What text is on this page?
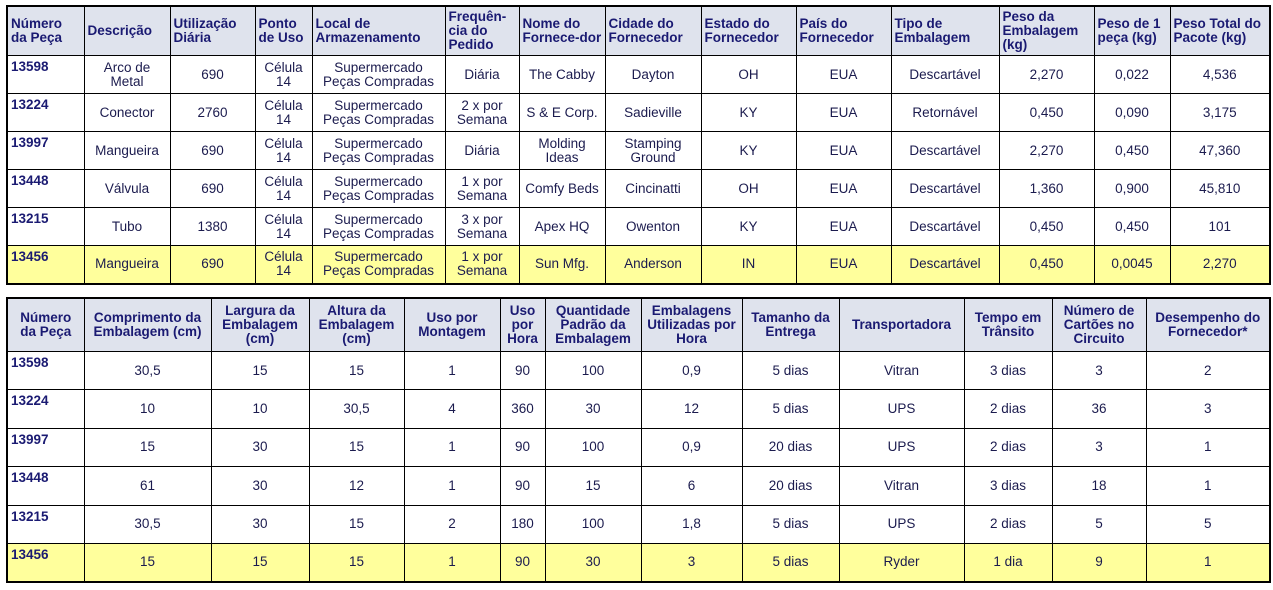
Número da Peça	Descrição	Utilização Diária	Ponto de Uso	Local de Armazenamento	Frequên-cia do Pedido	Nome do Fornece-dor	Cidade do Fornecedor	Estado do Fornecedor	País do Fornecedor	Tipo de Embalagem	Peso da Embalagem (kg)	Peso de 1 peça (kg)	Peso Total do Pacote (kg)
13598	Arco de Metal	690	Célula 14	Supermercado Peças Compradas	Diária	The Cabby	Dayton	OH	EUA	Descartável	2,270	0,022	4,536
13224	Conector	2760	Célula 14	Supermercado Peças Compradas	2 x por Semana	S & E Corp.	Sadieville	KY	EUA	Retornável	0,450	0,090	3,175
13997	Mangueira	690	Célula 14	Supermercado Peças Compradas	Diária	Molding Ideas	Stamping Ground	KY	EUA	Descartável	2,270	0,450	47,360
13448	Válvula	690	Célula 14	Supermercado Peças Compradas	1 x por Semana	Comfy Beds	Cincinatti	OH	EUA	Descartável	1,360	0,900	45,810
13215	Tubo	1380	Célula 14	Supermercado Peças Compradas	3 x por Semana	Apex HQ	Owenton	KY	EUA	Descartável	0,450	0,450	101
13456	Mangueira	690	Célula 14	Supermercado Peças Compradas	1 x por Semana	Sun Mfg.	Anderson	IN	EUA	Descartável	0,450	0,0045	2,270
Número da Peça	Comprimento da Embalagem (cm)	Largura da Embalagem (cm)	Altura da Embalagem (cm)	Uso por Montagem	Uso por Hora	Quantidade Padrão da Embalagem	Embalagens Utilizadas por Hora	Tamanho da Entrega	Transportadora	Tempo em Trânsito	Número de Cartões no Circuito	Desempenho do Fornecedor*
13598	30,5	15	15	1	90	100	0,9	5 dias	Vitran	3 dias	3	2
13224	10	10	30,5	4	360	30	12	5 dias	UPS	2 dias	36	3
13997	15	30	15	1	90	100	0,9	20 dias	UPS	2 dias	3	1
13448	61	30	12	1	90	15	6	20 dias	Vitran	3 dias	18	1
13215	30,5	30	15	2	180	100	1,8	5 dias	UPS	2 dias	5	5
13456	15	15	15	1	90	30	3	5 dias	Ryder	1 dia	9	1
